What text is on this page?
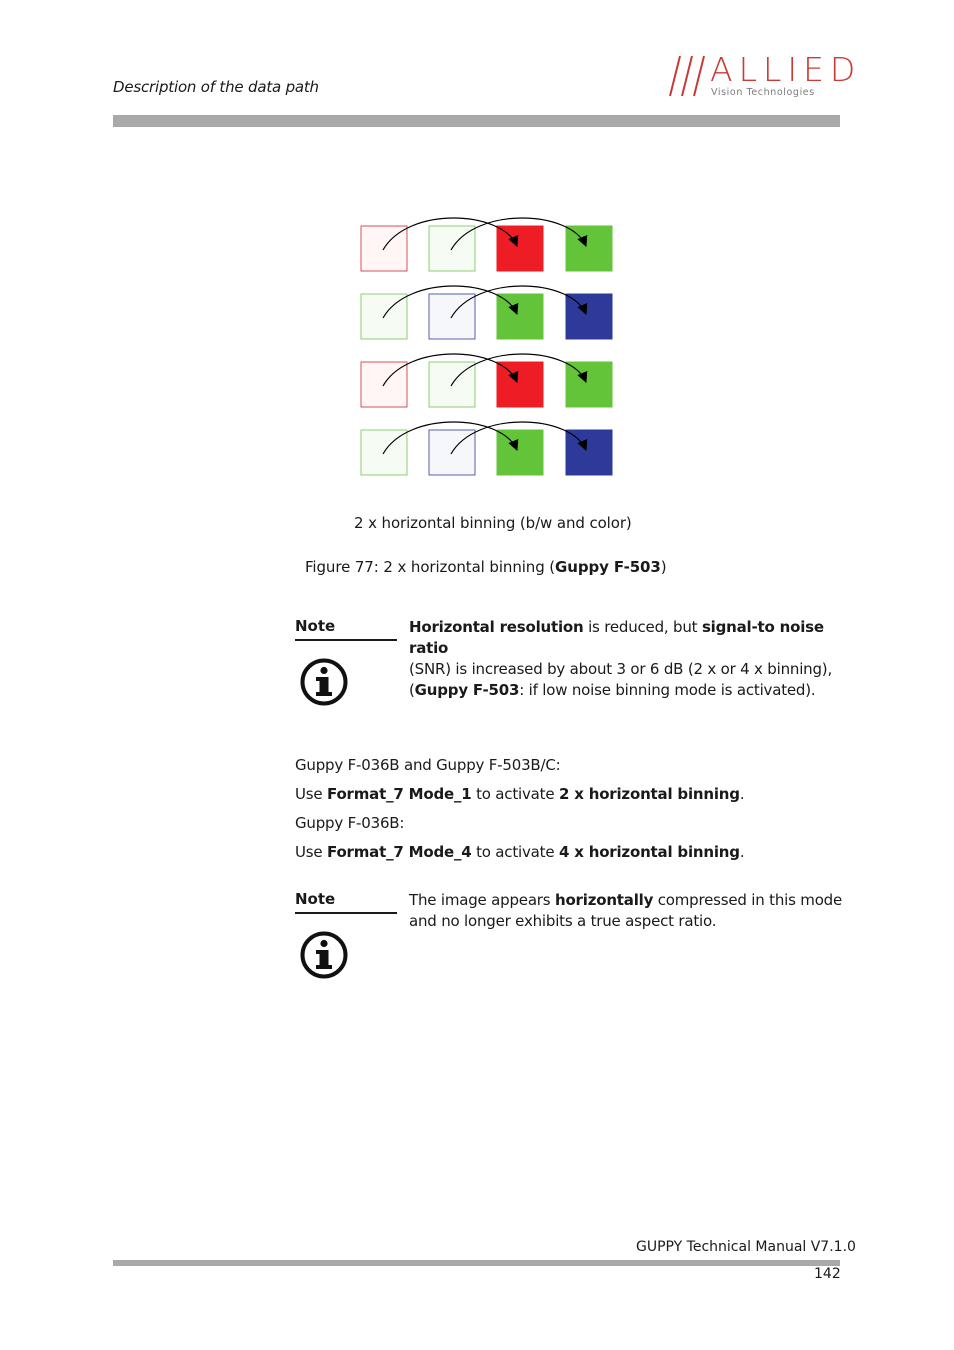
Description of the data path	ALLIED
Vision Technologies
2 x horizontal binning (b/w and color)
Figure 77: 2 x horizontal binning (Guppy F-503)
Note	Horizontal resolution is reduced, but signal-to noise ratio
(SNR) is increased by about 3 or 6 dB (2 x or 4 x binning),
(Guppy F-503: if low noise binning mode is activated).
Guppy F-036B and Guppy F-503B/C:
Use Format_7 Mode_1 to activate 2 x horizontal binning.
Guppy F-036B:
Use Format_7 Mode_4 to activate 4 x horizontal binning.
Note	The image appears horizontally compressed in this mode
and no longer exhibits a true aspect ratio.
GUPPY Technical Manual V7.1.0
142
